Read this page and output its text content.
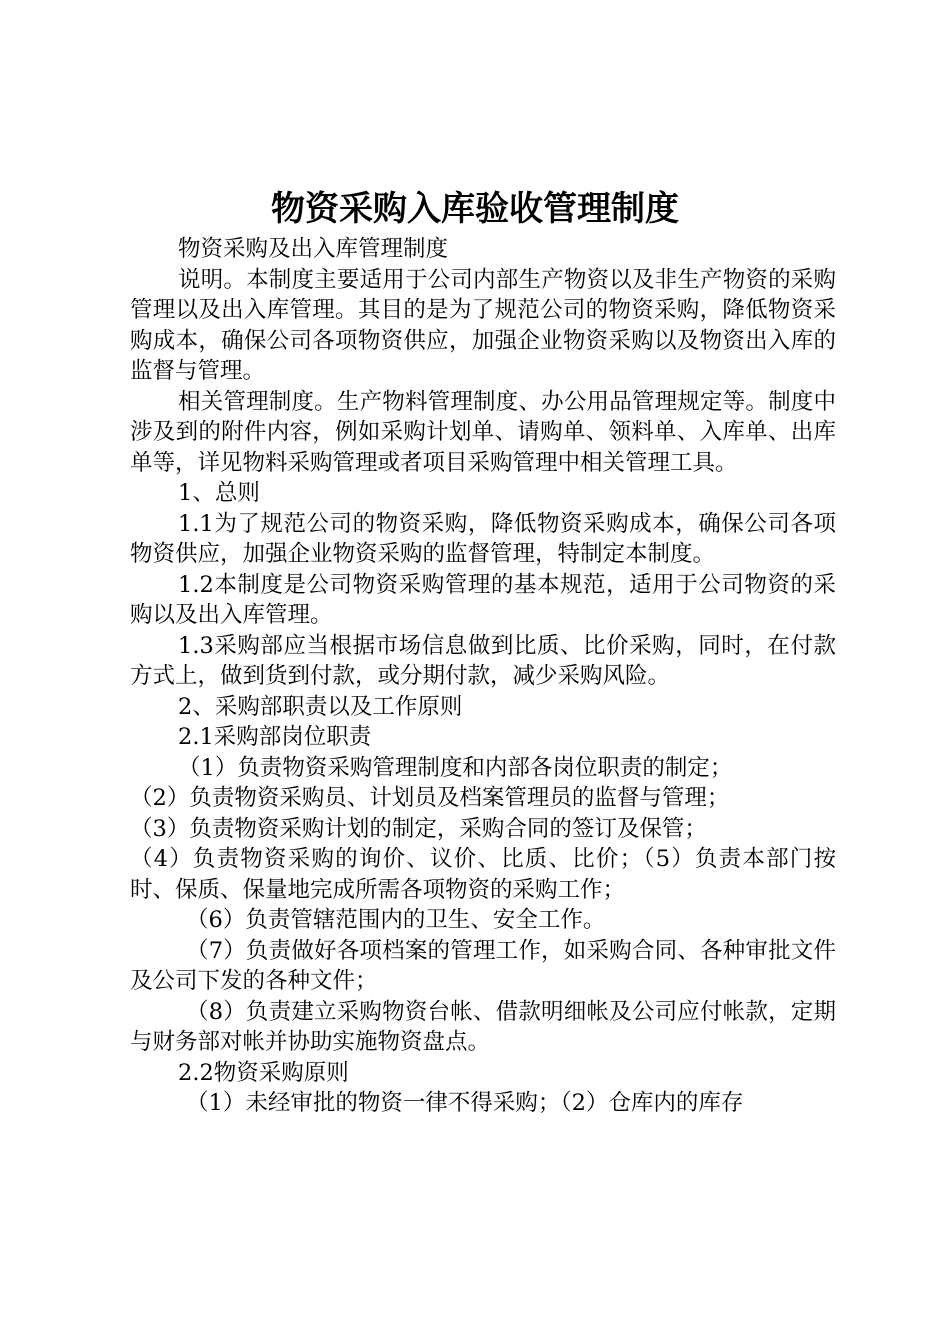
物资采购入库验收管理制度

物资采购及出入库管理制度

说明。本制度主要适用于公司内部生产物资以及非生产物资的采购管理以及出入库管理。其目的是为了规范公司的物资采购，降低物资采购成本，确保公司各项物资供应，加强企业物资采购以及物资出入库的监督与管理。

相关管理制度。生产物料管理制度、办公用品管理规定等。制度中涉及到的附件内容，例如采购计划单、请购单、领料单、入库单、出库单等，详见物料采购管理或者项目采购管理中相关管理工具。

1、总则

1.1为了规范公司的物资采购，降低物资采购成本，确保公司各项物资供应，加强企业物资采购的监督管理，特制定本制度。

1.2本制度是公司物资采购管理的基本规范，适用于公司物资的采购以及出入库管理。

1.3采购部应当根据市场信息做到比质、比价采购，同时，在付款方式上，做到货到付款，或分期付款，减少采购风险。

2、采购部职责以及工作原则

2.1采购部岗位职责

（1）负责物资采购管理制度和内部各岗位职责的制定；

（2）负责物资采购员、计划员及档案管理员的监督与管理；

（3）负责物资采购计划的制定，采购合同的签订及保管；

（4）负责物资采购的询价、议价、比质、比价；（5）负责本部门按时、保质、保量地完成所需各项物资的采购工作；

（6）负责管辖范围内的卫生、安全工作。

（7）负责做好各项档案的管理工作，如采购合同、各种审批文件及公司下发的各种文件；

（8）负责建立采购物资台帐、借款明细帐及公司应付帐款，定期与财务部对帐并协助实施物资盘点。

2.2物资采购原则

（1）未经审批的物资一律不得采购；（2）仓库内的库存
